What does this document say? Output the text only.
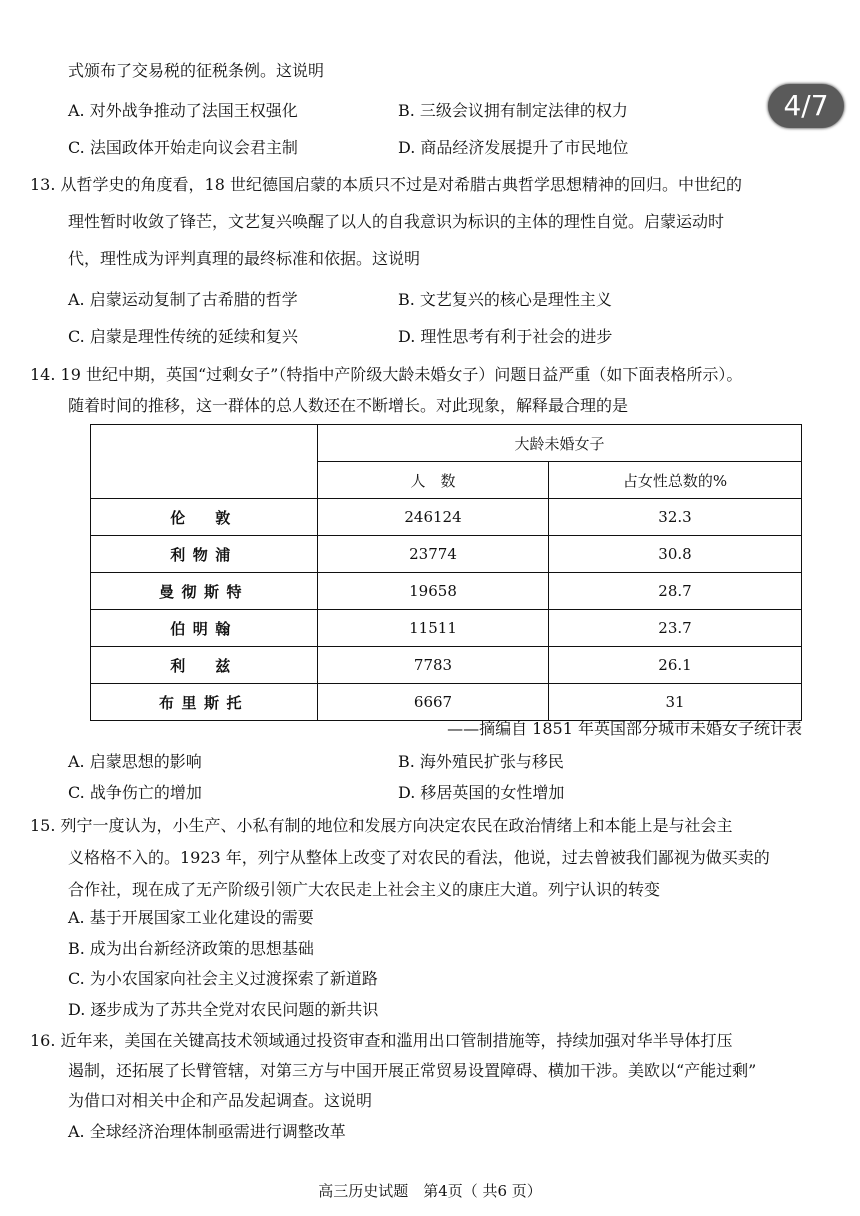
4/7
式颁布了交易税的征税条例。这说明
A. 对外战争推动了法国王权强化	B. 三级会议拥有制定法律的权力
C. 法国政体开始走向议会君主制	D. 商品经济发展提升了市民地位
13. 从哲学史的角度看，18 世纪德国启蒙的本质只不过是对希腊古典哲学思想精神的回归。中世纪的
理性暂时收敛了锋芒，文艺复兴唤醒了以人的自我意识为标识的主体的理性自觉。启蒙运动时
代，理性成为评判真理的最终标准和依据。这说明
A. 启蒙运动复制了古希腊的哲学	B. 文艺复兴的核心是理性主义
C. 启蒙是理性传统的延续和复兴	D. 理性思考有利于社会的进步
14. 19 世纪中期，英国“过剩女子”（特指中产阶级大龄未婚女子）问题日益严重（如下面表格所示）。
随着时间的推移，这一群体的总人数还在不断增长。对此现象，解释最合理的是
	大龄未婚女子	
	人　数	占女性总数的%
伦　敦	246124	32.3
利物浦	23774	30.8
曼彻斯特	19658	28.7
伯明翰	11511	23.7
利　兹	7783	26.1
布里斯托	6667	31
——摘编自 1851 年英国部分城市未婚女子统计表
A. 启蒙思想的影响	B. 海外殖民扩张与移民
C. 战争伤亡的增加	D. 移居英国的女性增加
15. 列宁一度认为，小生产、小私有制的地位和发展方向决定农民在政治情绪上和本能上是与社会主
义格格不入的。1923 年，列宁从整体上改变了对农民的看法，他说，过去曾被我们鄙视为做买卖的
合作社，现在成了无产阶级引领广大农民走上社会主义的康庄大道。列宁认识的转变
A. 基于开展国家工业化建设的需要
B. 成为出台新经济政策的思想基础
C. 为小农国家向社会主义过渡探索了新道路
D. 逐步成为了苏共全党对农民问题的新共识
16. 近年来，美国在关键高技术领域通过投资审查和滥用出口管制措施等，持续加强对华半导体打压
遏制，还拓展了长臂管辖，对第三方与中国开展正常贸易设置障碍、横加干涉。美欧以“产能过剩”
为借口对相关中企和产品发起调查。这说明
A. 全球经济治理体制亟需进行调整改革
高三历史试题　第4页（ 共6 页）
